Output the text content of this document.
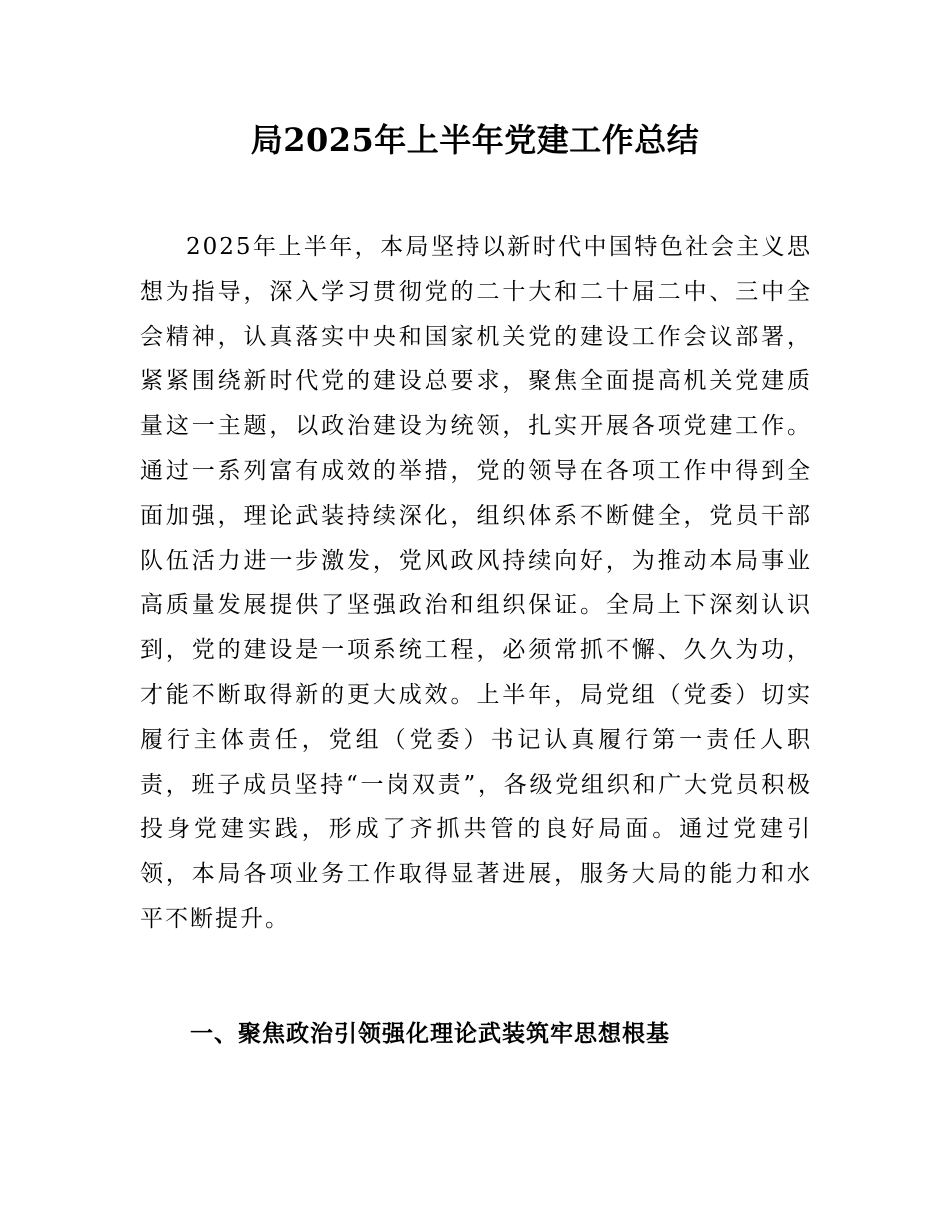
局2025年上半年党建工作总结

2025年上半年，本局坚持以新时代中国特色社会主义思想为指导，深入学习贯彻党的二十大和二十届二中、三中全会精神，认真落实中央和国家机关党的建设工作会议部署，紧紧围绕新时代党的建设总要求，聚焦全面提高机关党建质量这一主题，以政治建设为统领，扎实开展各项党建工作。通过一系列富有成效的举措，党的领导在各项工作中得到全面加强，理论武装持续深化，组织体系不断健全，党员干部队伍活力进一步激发，党风政风持续向好，为推动本局事业高质量发展提供了坚强政治和组织保证。全局上下深刻认识到，党的建设是一项系统工程，必须常抓不懈、久久为功，才能不断取得新的更大成效。上半年，局党组（党委）切实履行主体责任，党组（党委）书记认真履行第一责任人职责，班子成员坚持“一岗双责”，各级党组织和广大党员积极投身党建实践，形成了齐抓共管的良好局面。通过党建引领，本局各项业务工作取得显著进展，服务大局的能力和水平不断提升。

一、聚焦政治引领强化理论武装筑牢思想根基
